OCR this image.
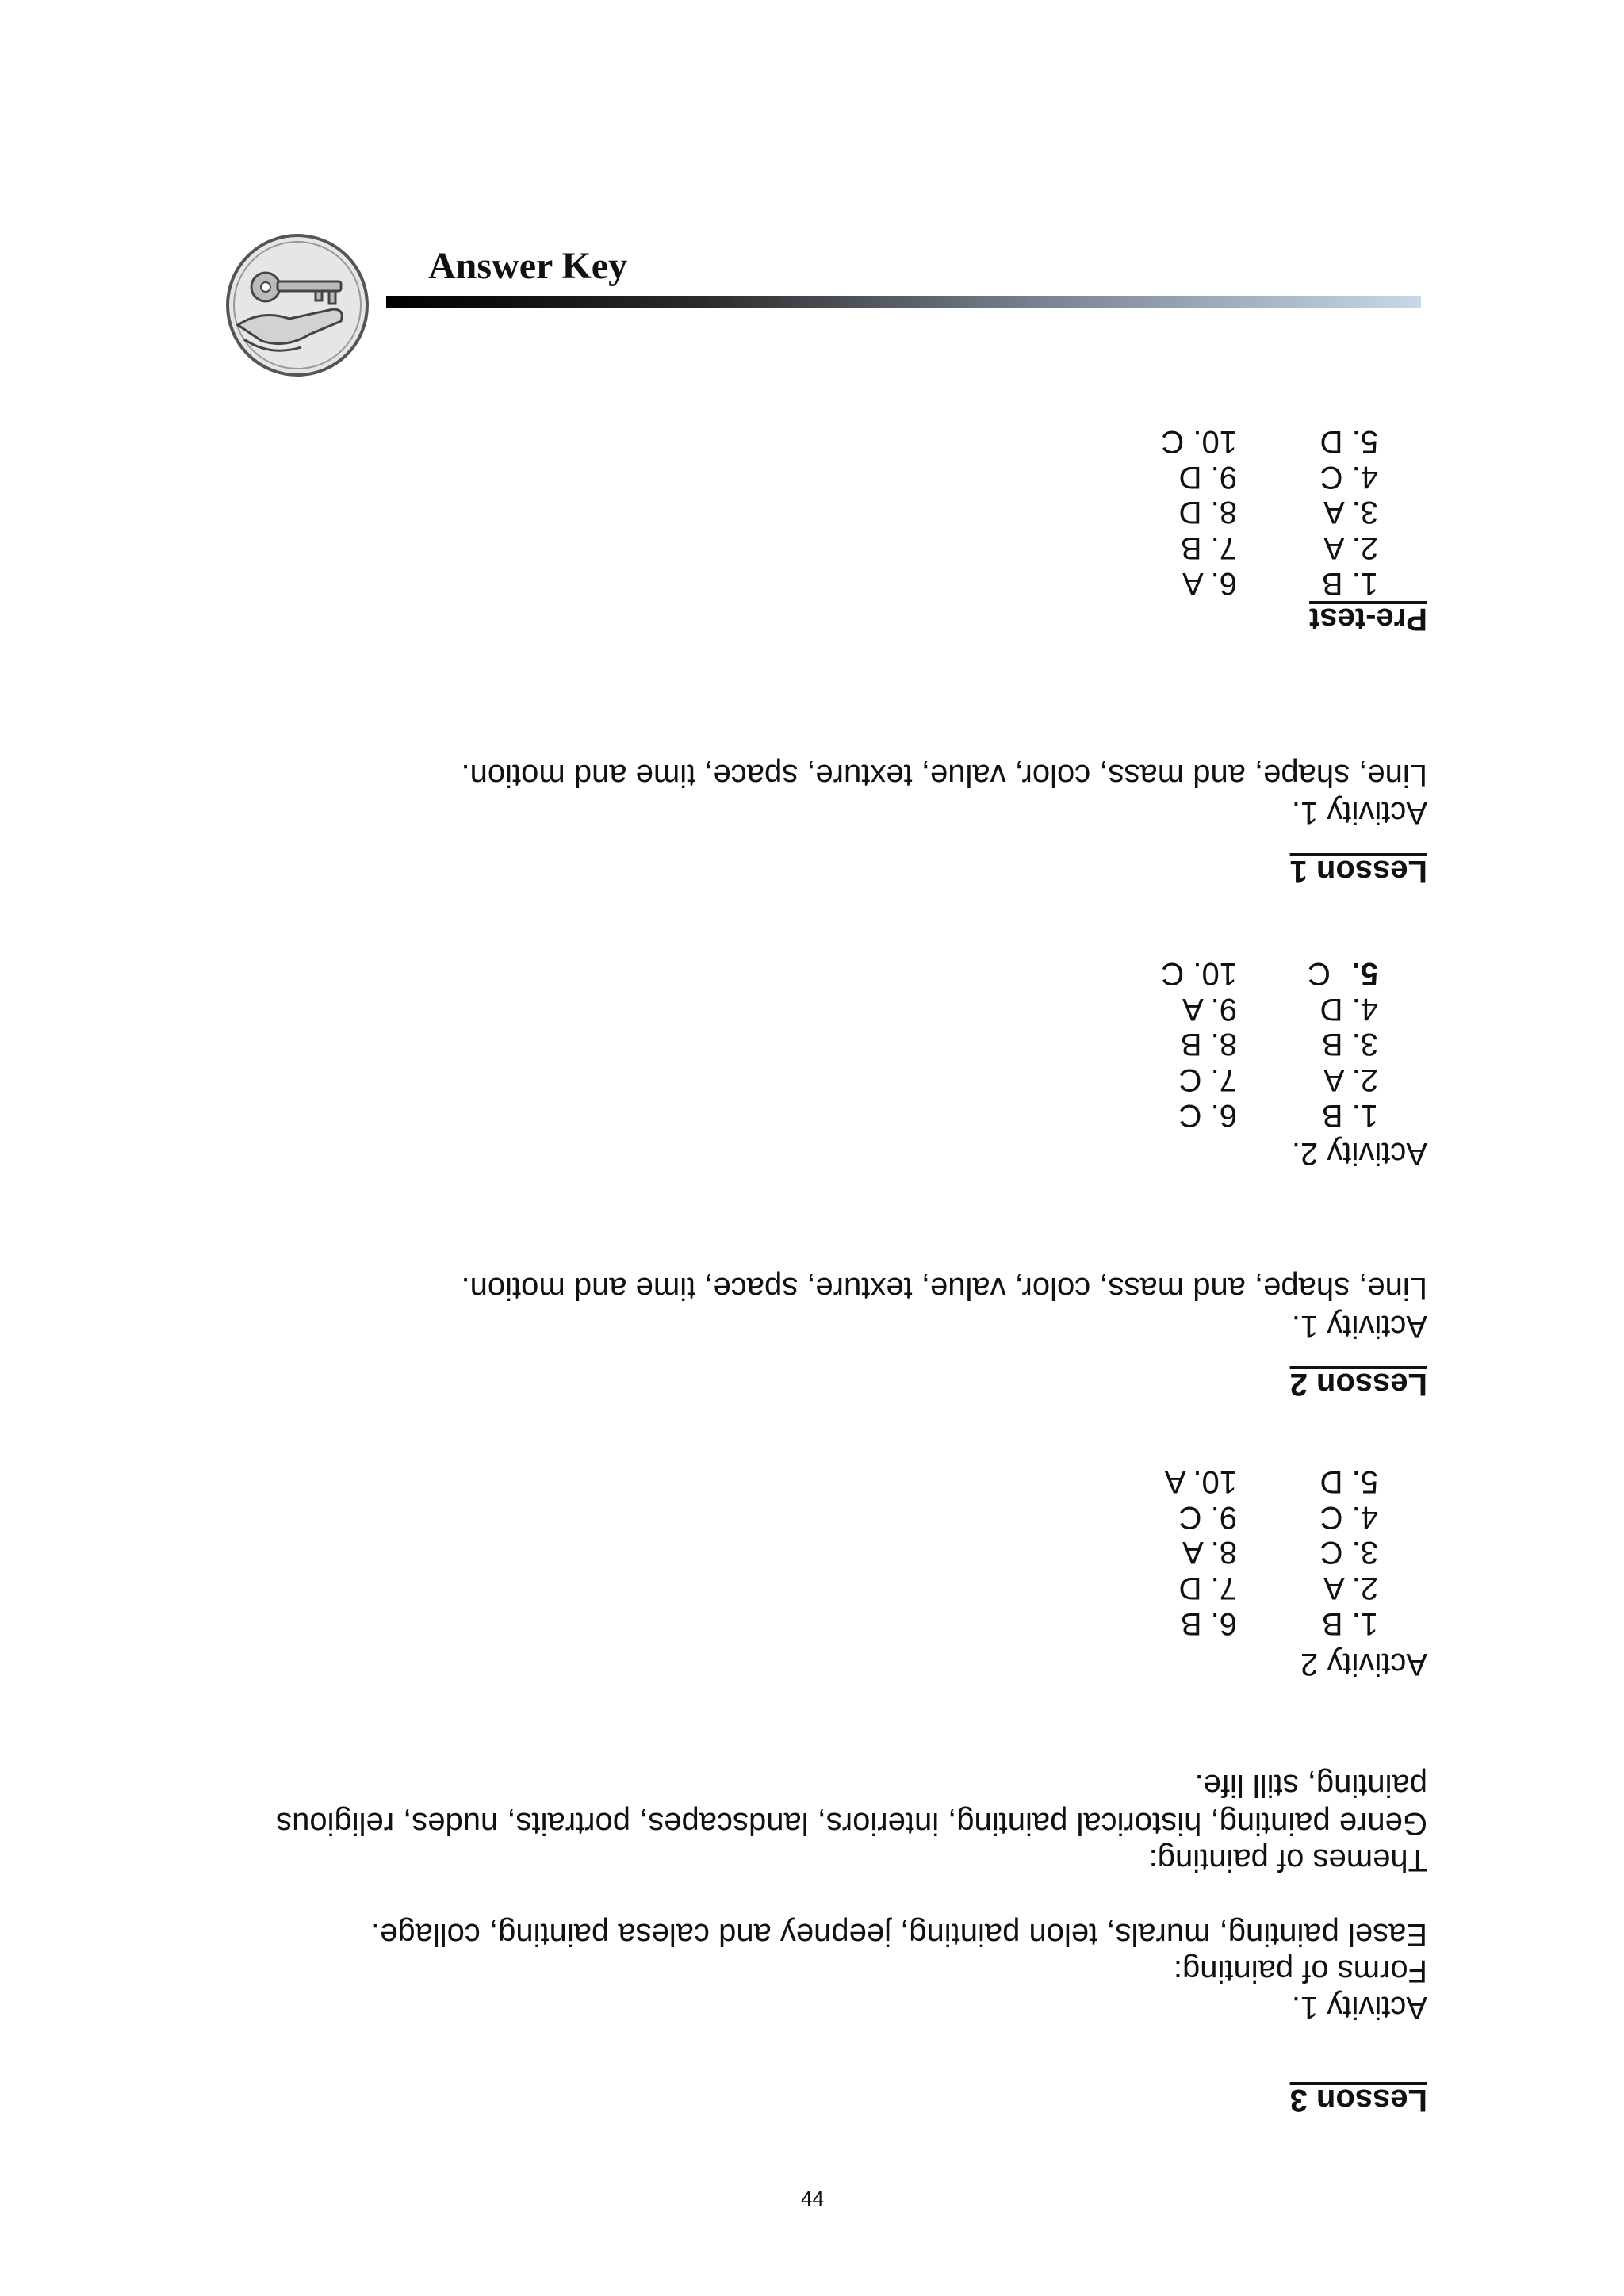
Answer Key
Lesson 3
Activity 1.
Forms of painting:
Easel painting, murals, telon painting, jeepney and calesa painting, collage.
Themes of painting:
Genre painting, historical painting, interiors, landscapes, portraits, nudes, religious painting, still life.
Activity 2
1. B
2. A
3. C
4. C
5. D
6. B
7. D
8. A
9. C
10. A
Lesson 2
Activity 1.
Line, shape, and mass, color, value, texture, space, time and motion.
Activity 2.
1. B
2. A
3. B
4. D
5.
C
6. C
7. C
8. B
9. A
10. C
Lesson 1
Activity 1.
Line, shape, and mass, color, value, texture, space, time and motion.
Pre-test
1. B
2. A
3. A
4. C
5. D
6. A
7. B
8. D
9. D
10. C
44
